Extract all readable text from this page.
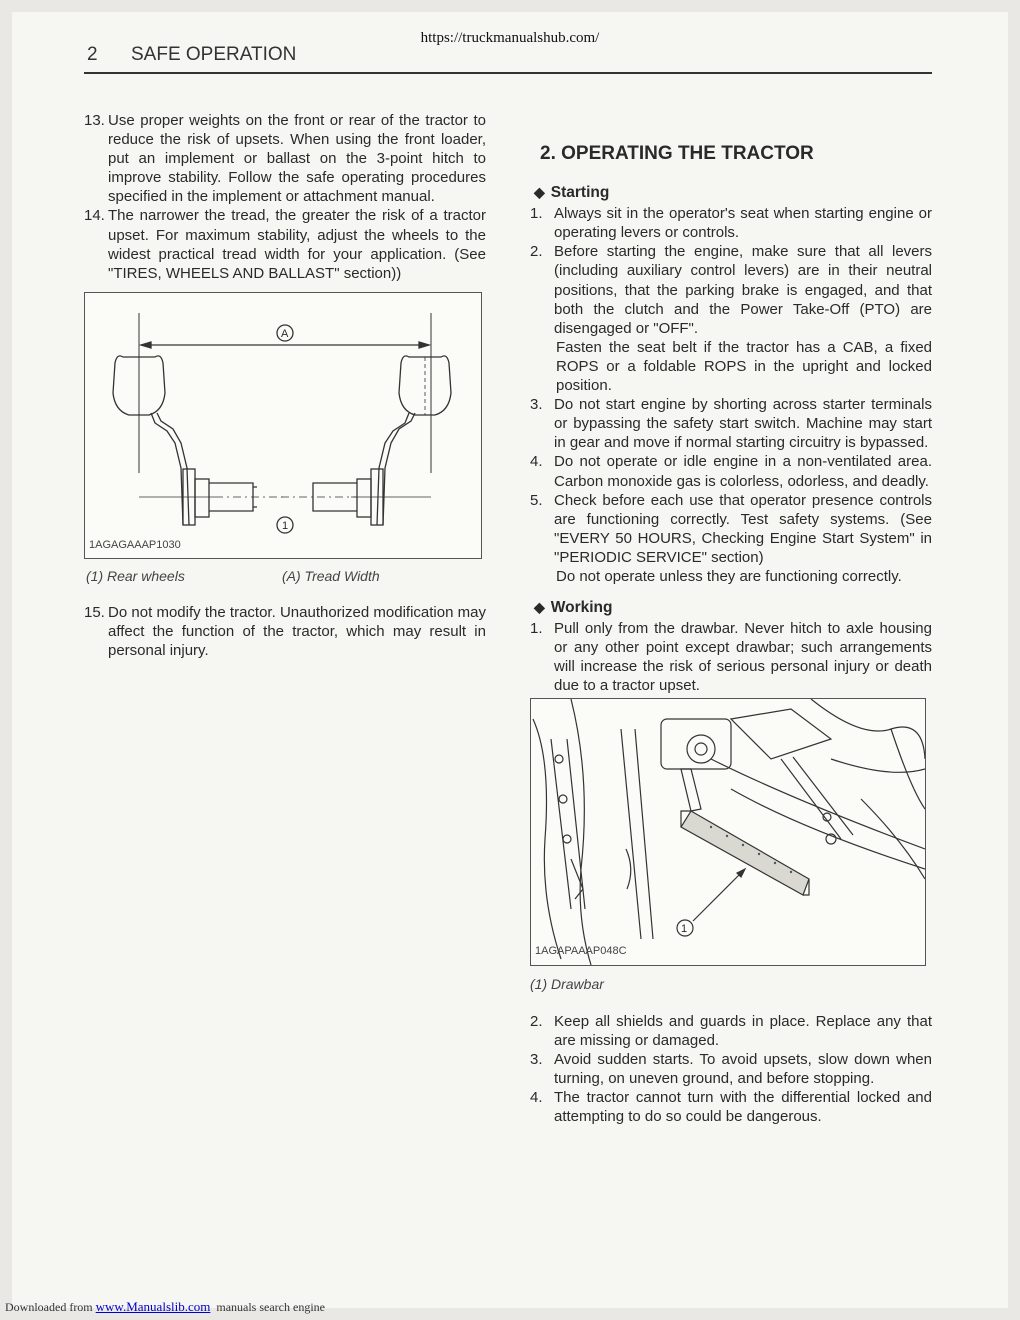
https://truckmanualshub.com/
2 SAFE OPERATION
13. Use proper weights on the front or rear of the tractor to reduce the risk of upsets. When using the front loader, put an implement or ballast on the 3-point hitch to improve stability. Follow the safe operating procedures specified in the implement or attachment manual.
14. The narrower the tread, the greater the risk of a tractor upset. For maximum stability, adjust the wheels to the widest practical tread width for your application. (See "TIRES, WHEELS AND BALLAST" section))
A
1
1AGAGAAAP1030
(1) Rear wheels	(A) Tread Width
15. Do not modify the tractor. Unauthorized modification may affect the function of the tractor, which may result in personal injury.
2. OPERATING THE TRACTOR
◆ Starting
1. Always sit in the operator's seat when starting engine or operating levers or controls.
2. Before starting the engine, make sure that all levers (including auxiliary control levers) are in their neutral positions, that the parking brake is engaged, and that both the clutch and the Power Take-Off (PTO) are disengaged or "OFF".
Fasten the seat belt if the tractor has a CAB, a fixed ROPS or a foldable ROPS in the upright and locked position.
3. Do not start engine by shorting across starter terminals or bypassing the safety start switch. Machine may start in gear and move if normal starting circuitry is bypassed.
4. Do not operate or idle engine in a non-ventilated area. Carbon monoxide gas is colorless, odorless, and deadly.
5. Check before each use that operator presence controls are functioning correctly. Test safety systems. (See "EVERY 50 HOURS, Checking Engine Start System" in "PERIODIC SERVICE" section)
Do not operate unless they are functioning correctly.
◆ Working
1. Pull only from the drawbar. Never hitch to axle housing or any other point except drawbar; such arrangements will increase the risk of serious personal injury or death due to a tractor upset.
1
1AGAPAAAP048C
(1) Drawbar
2. Keep all shields and guards in place. Replace any that are missing or damaged.
3. Avoid sudden starts. To avoid upsets, slow down when turning, on uneven ground, and before stopping.
4. The tractor cannot turn with the differential locked and attempting to do so could be dangerous.
Downloaded from www.Manualslib.com manuals search engine
